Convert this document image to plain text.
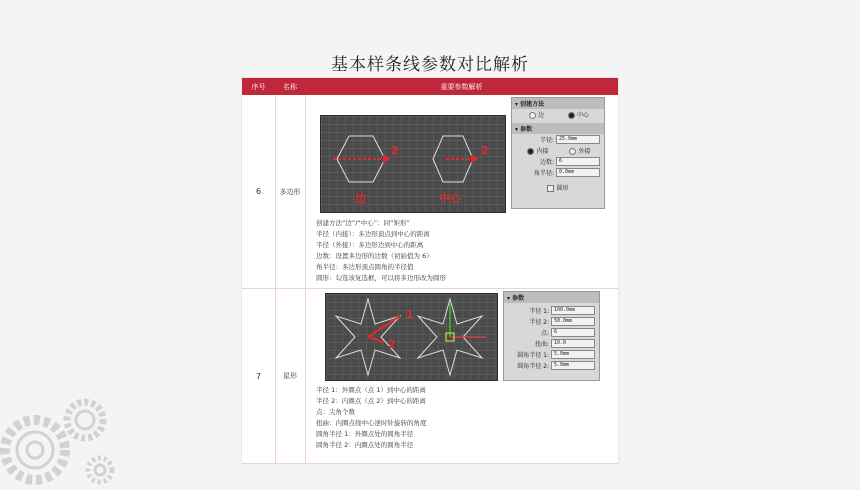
基本样条线参数对比解析
序号	名称	重要参数解析
6	多边形
2	2
边	中心
▾ 创建方法
边	中心
▾ 参数
半径:	25.0mm
内接	外接
边数:	6
角半径:	0.0mm
圆形
创建方法“边”/“中心”：同“矩形”
半径（内接）：多边形顶点到中心的距离
半径（外接）：多边形边到中心的距离
边数：设置多边形的边数（初始值为 6）
角半径：多边形顶点圆角的半径值
圆形：勾选该复选框，可以将多边形改为圆形
7	星形
1
2
▾ 参数
半径 1:	100.0mm
半径 2:	50.0mm
点:	6
扭曲:	10.0
圆角半径 1:	5.0mm
圆角半径 2:	5.0mm
半径 1：外圈点（点 1）到中心的距离
半径 2：内圈点（点 2）到中心的距离
点：尖角个数
扭曲：内圈点绕中心逆时针旋转的角度
圆角半径 1：外圈点处的圆角半径
圆角半径 2：内圈点处的圆角半径
